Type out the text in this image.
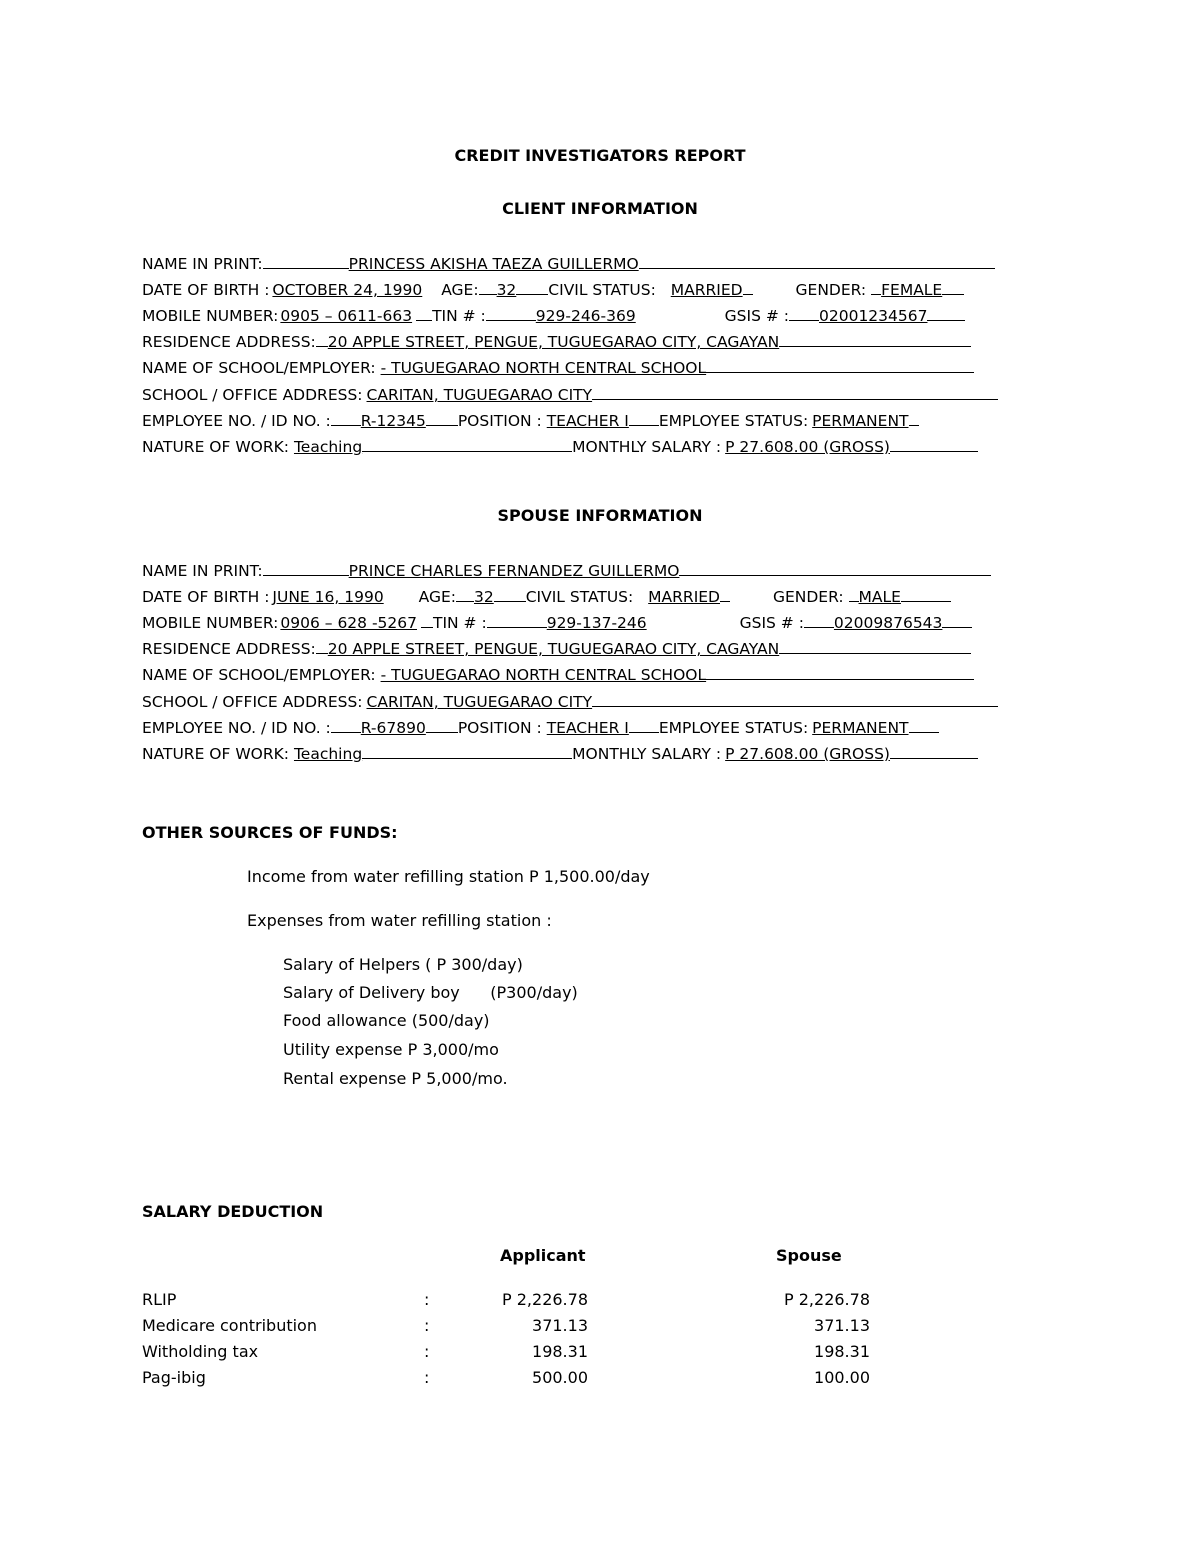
CREDIT INVESTIGATORS REPORT
CLIENT INFORMATION
NAME IN PRINT:	PRINCESS AKISHA TAEZA GUILLERMO
DATE OF BIRTH : OCTOBER 24, 1990 AGE: 32 CIVIL STATUS: MARRIED	GENDER: FEMALE
MOBILE NUMBER: 0905 – 0611-663 TIN # :	929-246-369	GSIS # : 02001234567
RESIDENCE ADDRESS: 20 APPLE STREET, PENGUE, TUGUEGARAO CITY, CAGAYAN
NAME OF SCHOOL/EMPLOYER: - TUGUEGARAO NORTH CENTRAL SCHOOL
SCHOOL / OFFICE ADDRESS: CARITAN, TUGUEGARAO CITY
EMPLOYEE NO. / ID NO. : R-12345 POSITION : TEACHER I EMPLOYEE STATUS: PERMANENT
NATURE OF WORK: Teaching	MONTHLY SALARY : P 27.608.00 (GROSS)
SPOUSE INFORMATION
NAME IN PRINT:	PRINCE CHARLES FERNANDEZ GUILLERMO
DATE OF BIRTH : JUNE 16, 1990 AGE: 32 CIVIL STATUS: MARRIED	GENDER: MALE
MOBILE NUMBER: 0906 – 628 -5267 TIN # :	929-137-246	GSIS # : 02009876543
RESIDENCE ADDRESS: 20 APPLE STREET, PENGUE, TUGUEGARAO CITY, CAGAYAN
NAME OF SCHOOL/EMPLOYER: - TUGUEGARAO NORTH CENTRAL SCHOOL
SCHOOL / OFFICE ADDRESS: CARITAN, TUGUEGARAO CITY
EMPLOYEE NO. / ID NO. : R-67890 POSITION : TEACHER I EMPLOYEE STATUS: PERMANENT
NATURE OF WORK: Teaching	MONTHLY SALARY : P 27.608.00 (GROSS)
OTHER SOURCES OF FUNDS:
Income from water refilling station P 1,500.00/day
Expenses from water refilling station :
Salary of Helpers ( P 300/day)
Salary of Delivery boy      (P300/day)
Food allowance (500/day)
Utility expense P 3,000/mo
Rental expense P 5,000/mo.
SALARY DEDUCTION
Applicant	Spouse
RLIP	:	P 2,226.78	P 2,226.78
Medicare contribution	:	371.13	371.13
Witholding tax	:	198.31	198.31
Pag-ibig	:	500.00	100.00
